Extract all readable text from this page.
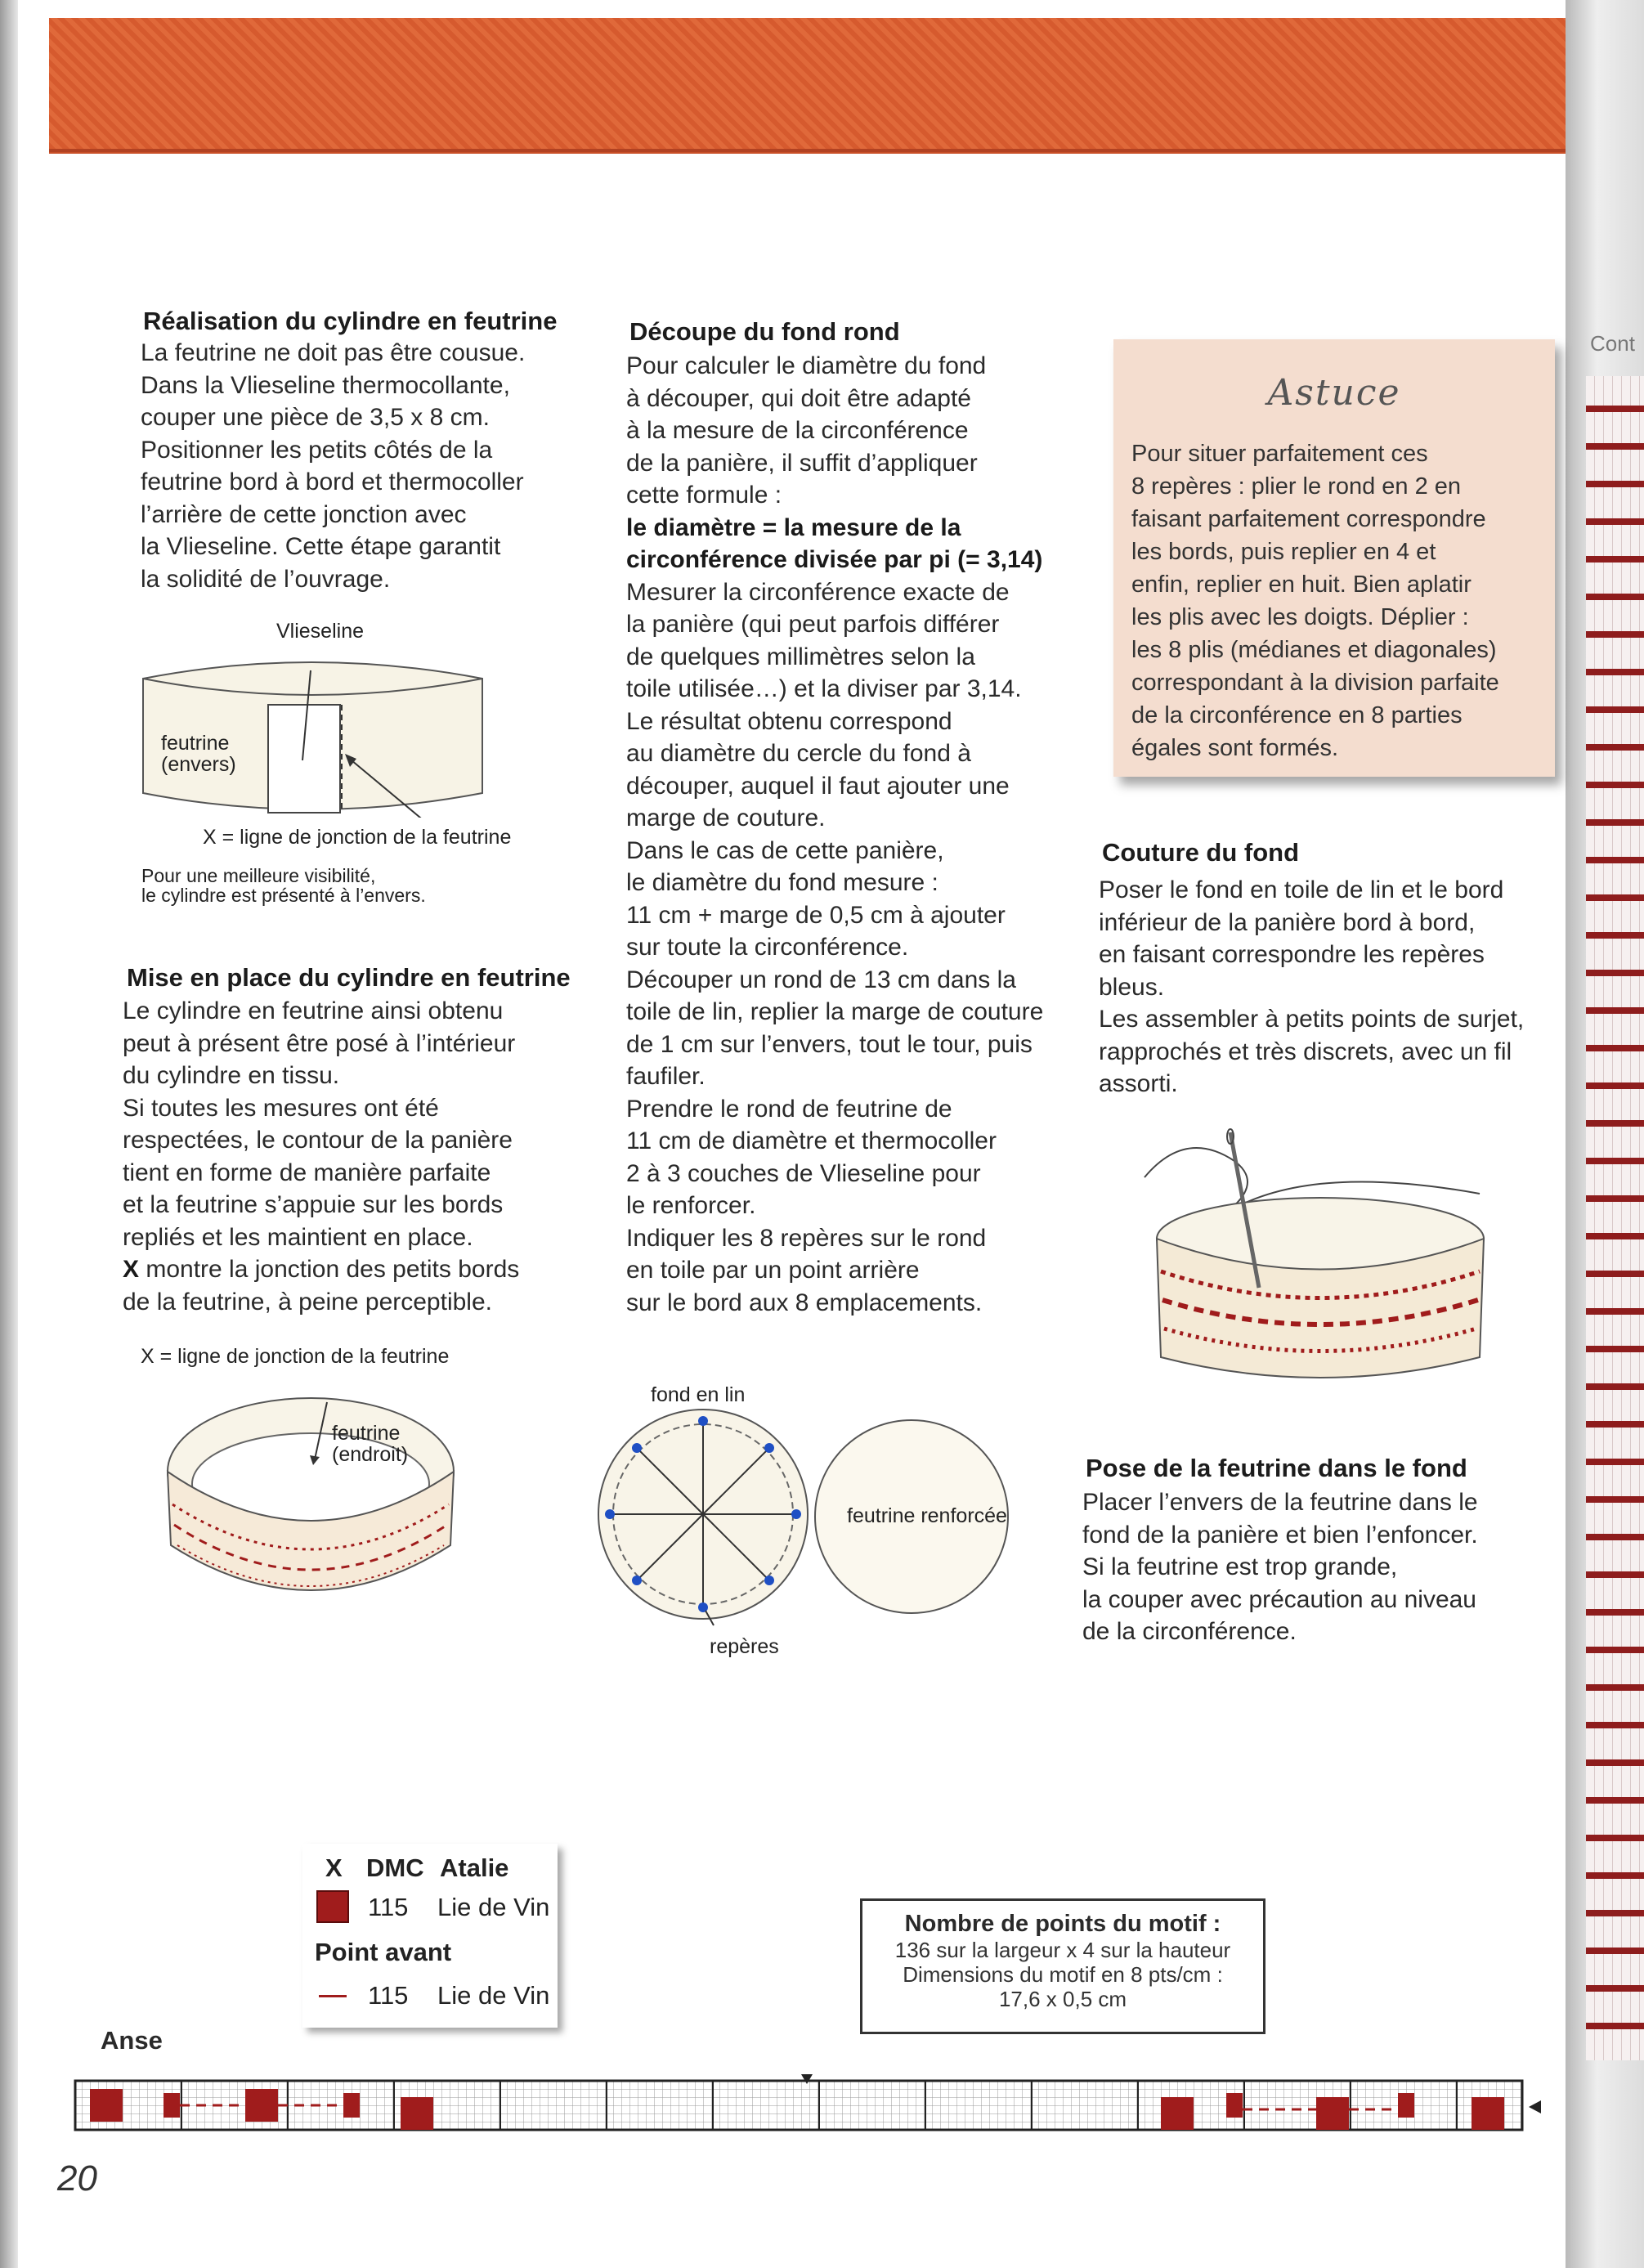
Cont
Réalisation du cylindre en feutrine

La feutrine ne doit pas être cousue.

Dans la Vlieseline thermocollante,

couper une pièce de 3,5 x 8 cm.

Positionner les petits côtés de la

feutrine bord à bord et thermocoller

l’arrière de cette jonction avec

la Vlieseline. Cette étape garantit

la solidité de l’ouvrage.

Vlieseline
feutrine
(envers)
X = ligne de jonction de la feutrine
Pour une meilleure visibilité,
le cylindre est présenté à l’envers.
Mise en place du cylindre en feutrine

Le cylindre en feutrine ainsi obtenu

peut à présent être posé à l’intérieur

du cylindre en tissu.

Si toutes les mesures ont été

respectées, le contour de la panière

tient en forme de manière parfaite

et la feutrine s’appuie sur les bords

repliés et les maintient en place.

X montre la jonction des petits bords

de la feutrine, à peine perceptible.

X = ligne de jonction de la feutrine
feutrine
(endroit)
Découpe du fond rond

Pour calculer le diamètre du fond

à découper, qui doit être adapté

à la mesure de la circonférence

de la panière, il suffit d’appliquer

cette formule :

le diamètre = la mesure de la

circonférence divisée par pi (= 3,14)

Mesurer la circonférence exacte de

la panière (qui peut parfois différer

de quelques millimètres selon la

toile utilisée…) et la diviser par 3,14.

Le résultat obtenu correspond

au diamètre du cercle du fond à

découper, auquel il faut ajouter une

marge de couture.

Dans le cas de cette panière,

le diamètre du fond mesure :

11 cm + marge de 0,5 cm à ajouter

sur toute la circonférence.

Découper un rond de 13 cm dans la

toile de lin, replier la marge de couture

de 1 cm sur l’envers, tout le tour, puis

faufiler.

Prendre le rond de feutrine de

11 cm de diamètre et thermocoller

2 à 3 couches de Vlieseline pour

le renforcer.

Indiquer les 8 repères sur le rond

en toile par un point arrière

sur le bord aux 8 emplacements.

fond en lin
repères
feutrine renforcée
Astuce
Pour situer parfaitement ces
8 repères : plier le rond en 2 en
faisant parfaitement correspondre
les bords, puis replier en 4 et
enfin, replier en huit. Bien aplatir
les plis avec les doigts. Déplier :
les 8 plis (médianes et diagonales)
correspondant à la division parfaite
de la circonférence en 8 parties
égales sont formés.
Couture du fond

Poser le fond en toile de lin et le bord

inférieur de la panière bord à bord,

en faisant correspondre les repères

bleus.

Les assembler à petits points de surjet,

rapprochés et très discrets, avec un fil

assorti.

Pose de la feutrine dans le fond

Placer l’envers de la feutrine dans le

fond de la panière et bien l’enfoncer.

Si la feutrine est trop grande,

la couper avec précaution au niveau

de la circonférence.

X DMC Atalie
115 Lie de Vin
Point avant
115 Lie de Vin
Nombre de points du motif :
136 sur la largeur x 4 sur la hauteur
Dimensions du motif en 8 pts/cm :
17,6 x 0,5 cm
Anse
20
